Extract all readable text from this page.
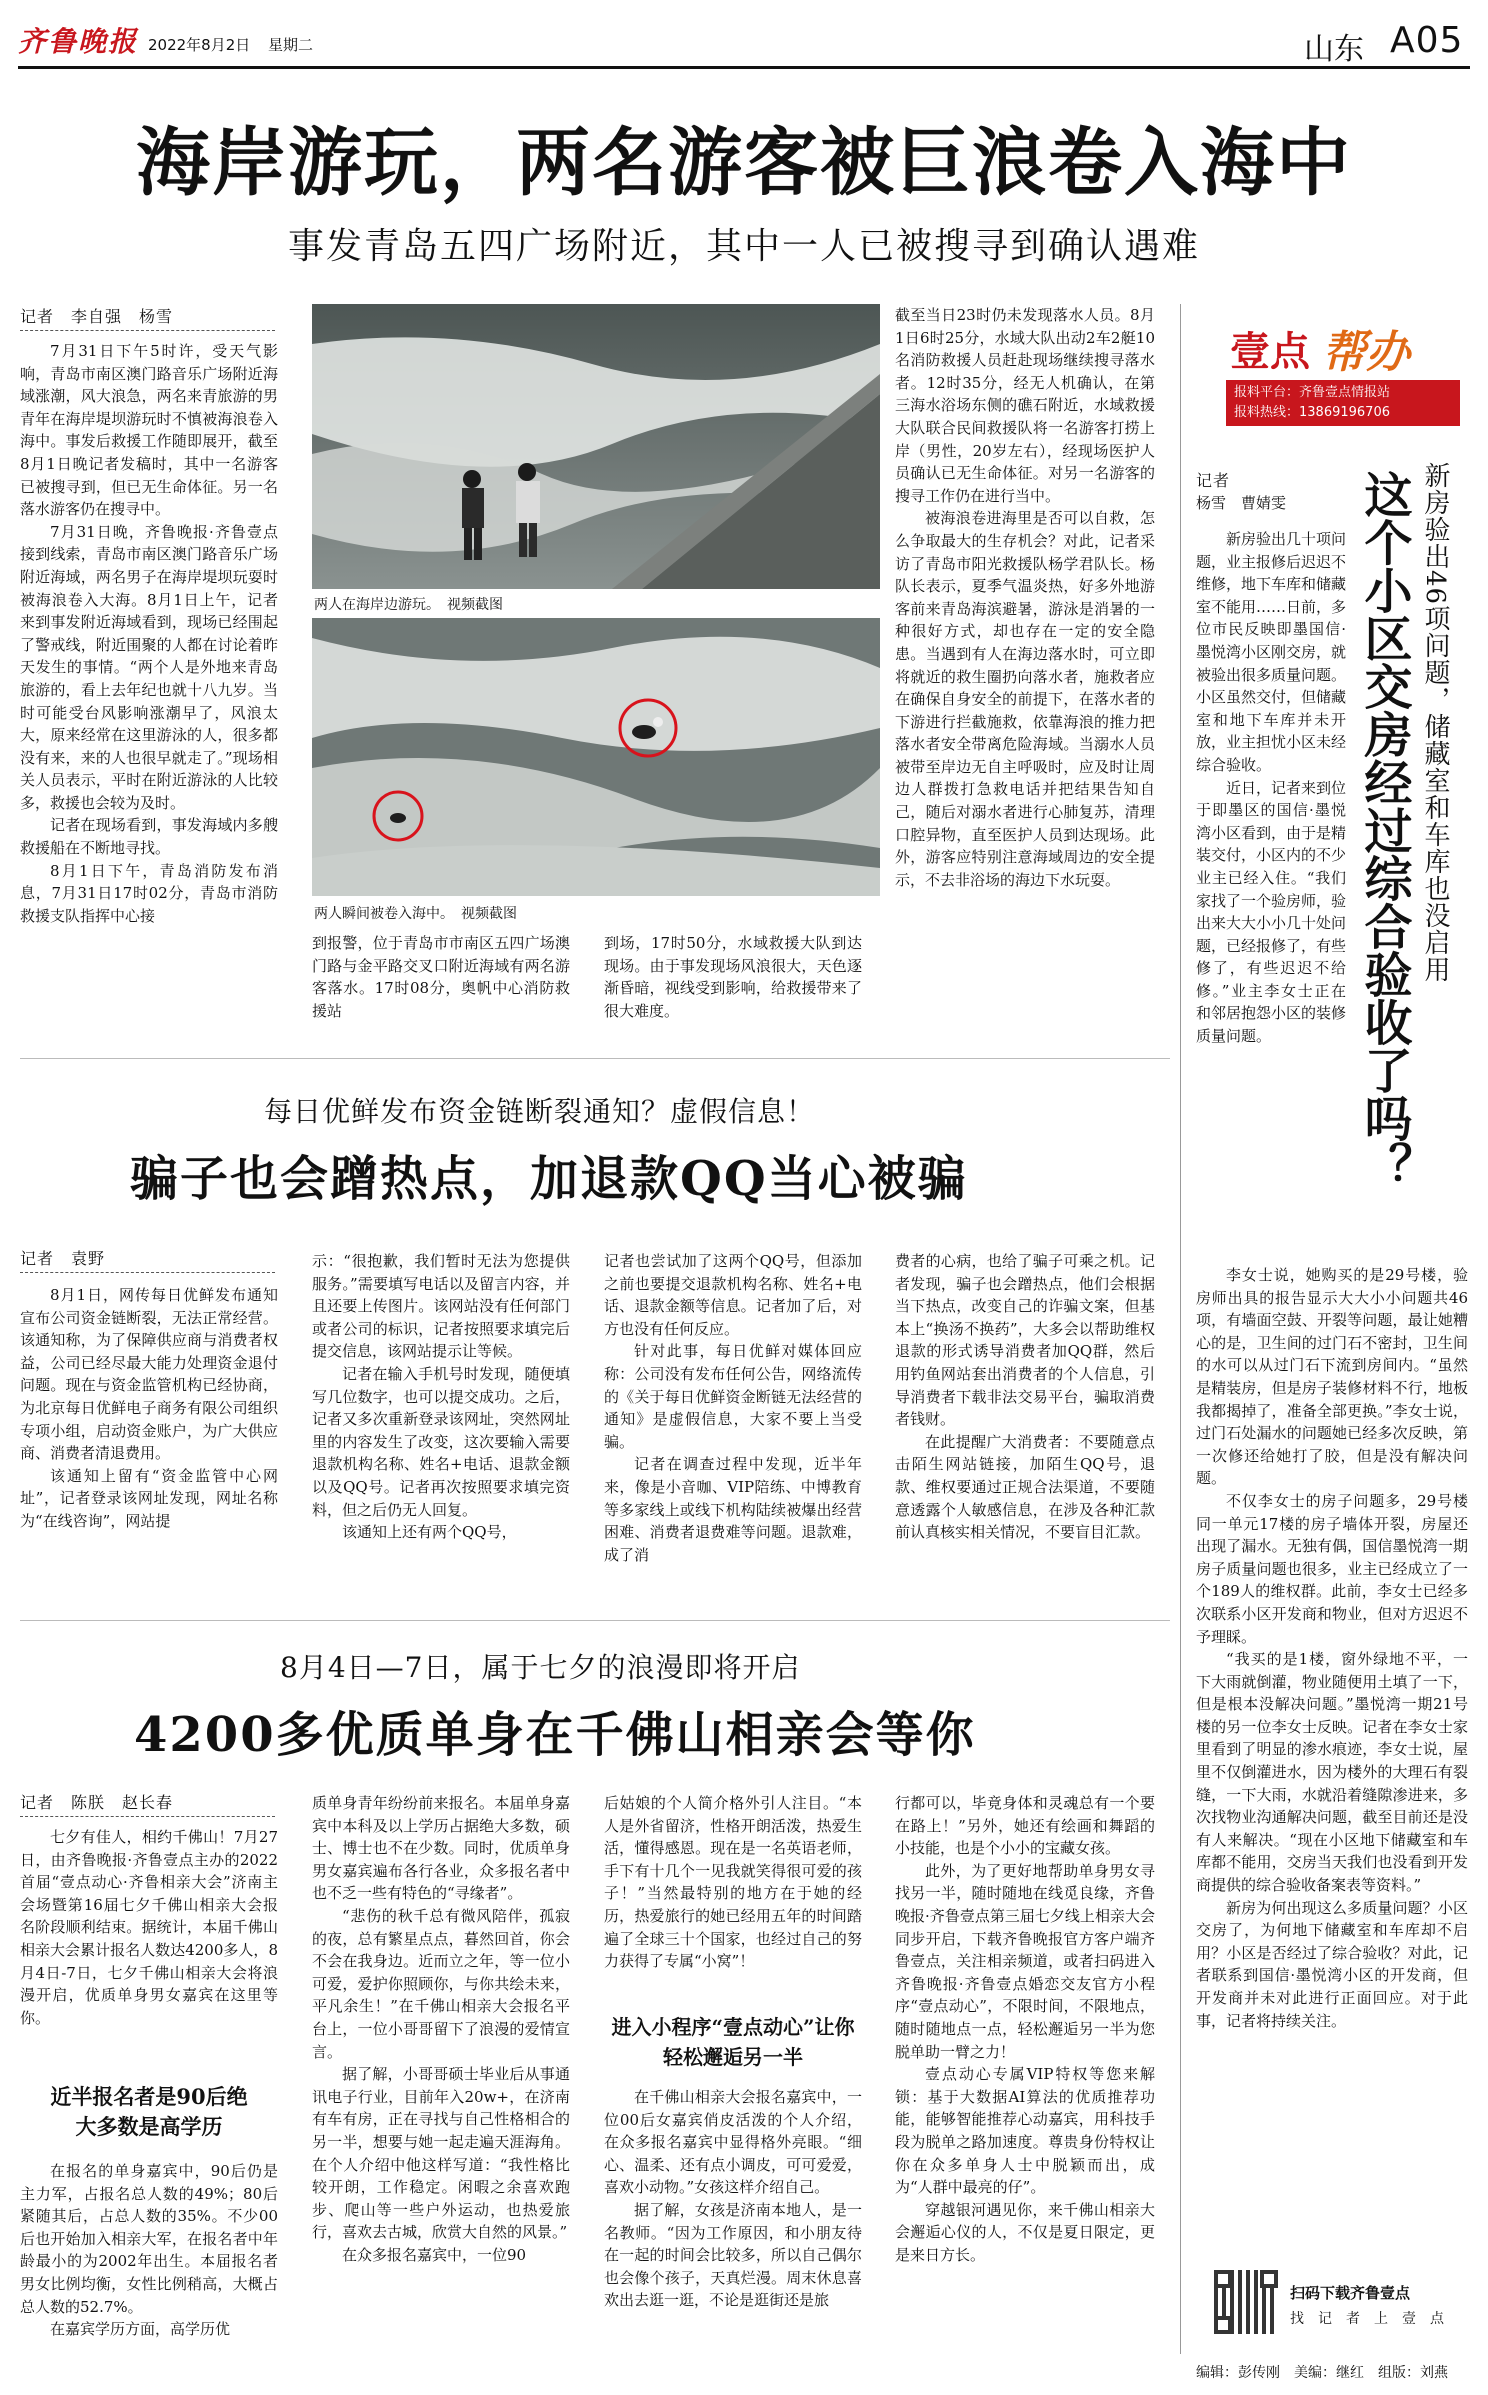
齐鲁晚报 2022年8月2日 星期二	山东 A05
海岸游玩，两名游客被巨浪卷入海中
事发青岛五四广场附近，其中一人已被搜寻到确认遇难
记者　李自强　杨雪

7月31日下午5时许，受天气影响，青岛市南区澳门路音乐广场附近海域涨潮，风大浪急，两名来青旅游的男青年在海岸堤坝游玩时不慎被海浪卷入海中。事发后救援工作随即展开，截至8月1日晚记者发稿时，其中一名游客已被搜寻到，但已无生命体征。另一名落水游客仍在搜寻中。

7月31日晚，齐鲁晚报·齐鲁壹点接到线索，青岛市南区澳门路音乐广场附近海域，两名男子在海岸堤坝玩耍时被海浪卷入大海。8月1日上午，记者来到事发附近海域看到，现场已经围起了警戒线，附近围聚的人都在讨论着昨天发生的事情。“两个人是外地来青岛旅游的，看上去年纪也就十八九岁。当时可能受台风影响涨潮早了，风浪太大，原来经常在这里游泳的人，很多都没有来，来的人也很早就走了。”现场相关人员表示，平时在附近游泳的人比较多，救援也会较为及时。

记者在现场看到，事发海域内多艘救援船在不断地寻找。

8月1日下午，青岛消防发布消息，7月31日17时02分，青岛市消防救援支队指挥中心接

两人在海岸边游玩。　视频截图
两人瞬间被卷入海中。　视频截图

到报警，位于青岛市市南区五四广场澳门路与金平路交叉口附近海域有两名游客落水。17时08分，奥帆中心消防救援站

到场，17时50分，水域救援大队到达现场。由于事发现场风浪很大，天色逐渐昏暗，视线受到影响，给救援带来了很大难度。

截至当日23时仍未发现落水人员。8月1日6时25分，水域大队出动2车2艇10名消防救援人员赶赴现场继续搜寻落水者。12时35分，经无人机确认，在第三海水浴场东侧的礁石附近，水域救援大队联合民间救援队将一名游客打捞上岸（男性，20岁左右），经现场医护人员确认已无生命体征。对另一名游客的搜寻工作仍在进行当中。

被海浪卷进海里是否可以自救，怎么争取最大的生存机会？对此，记者采访了青岛市阳光救援队杨学君队长。杨队长表示，夏季气温炎热，好多外地游客前来青岛海滨避暑，游泳是消暑的一种很好方式，却也存在一定的安全隐患。当遇到有人在海边落水时，可立即将就近的救生圈扔向落水者，施救者应在确保自身安全的前提下，在落水者的下游进行拦截施救，依靠海浪的推力把落水者安全带离危险海域。当溺水人员被带至岸边无自主呼吸时，应及时让周边人群拨打急救电话并把结果告知自己，随后对溺水者进行心肺复苏，清理口腔异物，直至医护人员到达现场。此外，游客应特别注意海域周边的安全提示，不去非浴场的海边下水玩耍。

壹点 帮办
报料平台：齐鲁壹点情报站
报料热线：13869196706
记者
杨雪　曹婧雯	新房验出46项问题，储藏室和车库也没启用
这个小区交房经过综合验收了吗？

新房验出几十项问题，业主报修后迟迟不维修，地下车库和储藏室不能用……日前，多位市民反映即墨国信·墨悦湾小区刚交房，就被验出很多质量问题。小区虽然交付，但储藏室和地下车库并未开放，业主担忧小区未经综合验收。

近日，记者来到位于即墨区的国信·墨悦湾小区看到，由于是精装交付，小区内的不少业主已经入住。“我们家找了一个验房师，验出来大大小小几十处问题，已经报修了，有些修了，有些迟迟不给修。”业主李女士正在和邻居抱怨小区的装修质量问题。

李女士说，她购买的是29号楼，验房师出具的报告显示大大小小问题共46项，有墙面空鼓、开裂等问题，最让她糟心的是，卫生间的过门石不密封，卫生间的水可以从过门石下流到房间内。“虽然是精装房，但是房子装修材料不行，地板我都揭掉了，准备全部更换。”李女士说，过门石处漏水的问题她已经多次反映，第一次修还给她打了胶，但是没有解决问题。

不仅李女士的房子问题多，29号楼同一单元17楼的房子墙体开裂，房屋还出现了漏水。无独有偶，国信墨悦湾一期房子质量问题也很多，业主已经成立了一个189人的维权群。此前，李女士已经多次联系小区开发商和物业，但对方迟迟不予理睬。

“我买的是1楼，窗外绿地不平，一下大雨就倒灌，物业随便用土填了一下，但是根本没解决问题。”墨悦湾一期21号楼的另一位李女士反映。记者在李女士家里看到了明显的渗水痕迹，李女士说，屋里不仅倒灌进水，因为楼外的大理石有裂缝，一下大雨，水就沿着缝隙渗进来，多次找物业沟通解决问题，截至目前还是没有人来解决。“现在小区地下储藏室和车库都不能用，交房当天我们也没看到开发商提供的综合验收备案表等资料。”

新房为何出现这么多质量问题？小区交房了，为何地下储藏室和车库却不启用？小区是否经过了综合验收？对此，记者联系到国信·墨悦湾小区的开发商，但开发商并未对此进行正面回应。对于此事，记者将持续关注。

扫码下载齐鲁壹点
找　记　者　上　壹　点
编辑：彭传刚　美编：继红　组版：刘燕
每日优鲜发布资金链断裂通知？虚假信息！
骗子也会蹭热点，加退款QQ当心被骗
记者　袁野

8月1日，网传每日优鲜发布通知宣布公司资金链断裂，无法正常经营。该通知称，为了保障供应商与消费者权益，公司已经尽最大能力处理资金退付问题。现在与资金监管机构已经协商，为北京每日优鲜电子商务有限公司组织专项小组，启动资金账户，为广大供应商、消费者清退费用。

该通知上留有“资金监管中心网址”，记者登录该网址发现，网址名称为“在线咨询”，网站提

示：“很抱歉，我们暂时无法为您提供服务。”需要填写电话以及留言内容，并且还要上传图片。该网站没有任何部门或者公司的标识，记者按照要求填完后提交信息，该网站提示让等候。

记者在输入手机号时发现，随便填写几位数字，也可以提交成功。之后，记者又多次重新登录该网址，突然网址里的内容发生了改变，这次要输入需要退款机构名称、姓名+电话、退款金额以及QQ号。记者再次按照要求填完资料，但之后仍无人回复。

该通知上还有两个QQ号，

记者也尝试加了这两个QQ号，但添加之前也要提交退款机构名称、姓名+电话、退款金额等信息。记者加了后，对方也没有任何反应。

针对此事，每日优鲜对媒体回应称：公司没有发布任何公告，网络流传的《关于每日优鲜资金断链无法经营的通知》是虚假信息，大家不要上当受骗。

记者在调查过程中发现，近半年来，像是小音咖、VIP陪练、中博教育等多家线上或线下机构陆续被爆出经营困难、消费者退费难等问题。退款难，成了消

费者的心病，也给了骗子可乘之机。记者发现，骗子也会蹭热点，他们会根据当下热点，改变自己的诈骗文案，但基本上“换汤不换药”，大多会以帮助维权退款的形式诱导消费者加QQ群，然后用钓鱼网站套出消费者的个人信息，引导消费者下载非法交易平台，骗取消费者钱财。

在此提醒广大消费者：不要随意点击陌生网站链接，加陌生QQ号，退款、维权要通过正规合法渠道，不要随意透露个人敏感信息，在涉及各种汇款前认真核实相关情况，不要盲目汇款。

8月4日—7日，属于七夕的浪漫即将开启
4200多优质单身在千佛山相亲会等你
记者　陈朕　赵长春

七夕有佳人，相约千佛山！7月27日，由齐鲁晚报·齐鲁壹点主办的2022首届“壹点动心·齐鲁相亲大会”济南主会场暨第16届七夕千佛山相亲大会报名阶段顺利结束。据统计，本届千佛山相亲大会累计报名人数达4200多人，8月4日-7日，七夕千佛山相亲大会将浪漫开启，优质单身男女嘉宾在这里等你。

近半报名者是90后绝大多数是高学历

在报名的单身嘉宾中，90后仍是主力军，占报名总人数的49%；80后紧随其后，占总人数的35%。不少00后也开始加入相亲大军，在报名者中年龄最小的为2002年出生。本届报名者男女比例均衡，女性比例稍高，大概占总人数的52.7%。

在嘉宾学历方面，高学历优

质单身青年纷纷前来报名。本届单身嘉宾中本科及以上学历占据绝大多数，硕士、博士也不在少数。同时，优质单身男女嘉宾遍布各行各业，众多报名者中也不乏一些有特色的“寻缘者”。

“悲伤的秋千总有微风陪伴，孤寂的夜，总有繁星点点，暮然回首，你会不会在我身边。近而立之年，等一位小可爱，爱护你照顾你，与你共绘未来，平凡余生！”在千佛山相亲大会报名平台上，一位小哥哥留下了浪漫的爱情宣言。

据了解，小哥哥硕士毕业后从事通讯电子行业，目前年入20w+，在济南有车有房，正在寻找与自己性格相合的另一半，想要与她一起走遍天涯海角。在个人介绍中他这样写道：“我性格比较开朗，工作稳定。闲暇之余喜欢跑步、爬山等一些户外运动，也热爱旅行，喜欢去古城，欣赏大自然的风景。”

在众多报名嘉宾中，一位90

后姑娘的个人简介格外引人注目。“本人是外省留济，性格开朗活泼，热爱生活，懂得感恩。现在是一名英语老师，手下有十几个一见我就笑得很可爱的孩子！”当然最特别的地方在于她的经历，热爱旅行的她已经用五年的时间踏遍了全球三十个国家，也经过自己的努力获得了专属“小窝”！

进入小程序“壹点动心”让你轻松邂逅另一半

在千佛山相亲大会报名嘉宾中，一位00后女嘉宾俏皮活泼的个人介绍，在众多报名嘉宾中显得格外亮眼。“细心、温柔、还有点小调皮，可可爱爱，喜欢小动物。”女孩这样介绍自己。

据了解，女孩是济南本地人，是一名教师。“因为工作原因，和小朋友待在一起的时间会比较多，所以自己偶尔也会像个孩子，天真烂漫。周末休息喜欢出去逛一逛，不论是逛街还是旅

行都可以，毕竟身体和灵魂总有一个要在路上！”另外，她还有绘画和舞蹈的小技能，也是个小小的宝藏女孩。

此外，为了更好地帮助单身男女寻找另一半，随时随地在线觅良缘，齐鲁晚报·齐鲁壹点第三届七夕线上相亲大会同步开启，下载齐鲁晚报官方客户端齐鲁壹点，关注相亲频道，或者扫码进入齐鲁晚报·齐鲁壹点婚恋交友官方小程序“壹点动心”，不限时间，不限地点，随时随地点一点，轻松邂逅另一半为您脱单助一臂之力！

壹点动心专属VIP特权等您来解锁：基于大数据AI算法的优质推荐功能，能够智能推荐心动嘉宾，用科技手段为脱单之路加速度。尊贵身份特权让你在众多单身人士中脱颖而出，成为“人群中最亮的仔”。

穿越银河遇见你，来千佛山相亲大会邂逅心仪的人，不仅是夏日限定，更是来日方长。
